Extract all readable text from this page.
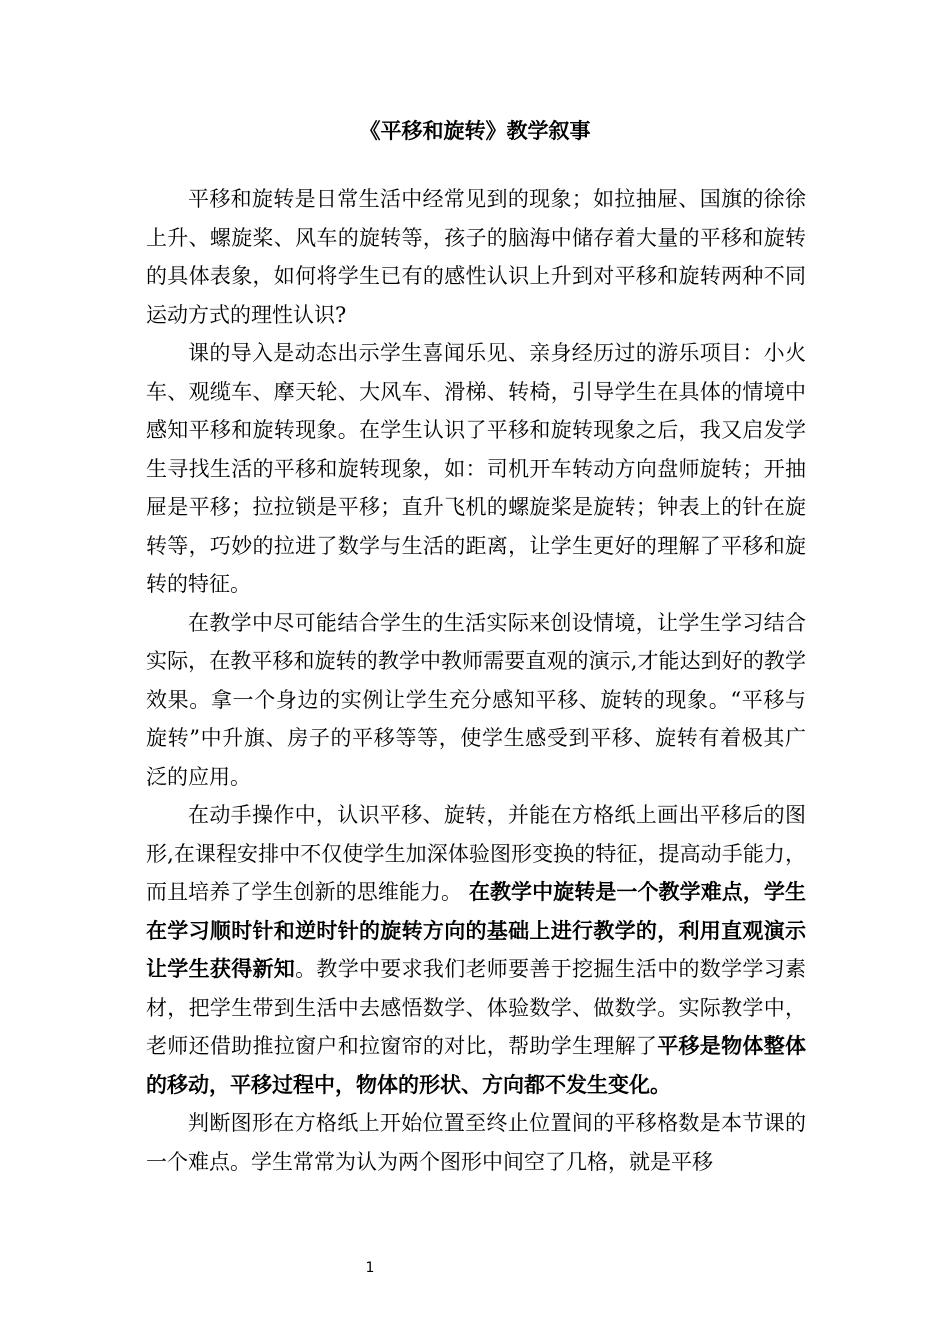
《平移和旋转》教学叙事

平移和旋转是日常生活中经常见到的现象；如拉抽屉、国旗的徐徐上升、螺旋桨、风车的旋转等，孩子的脑海中储存着大量的平移和旋转的具体表象，如何将学生已有的感性认识上升到对平移和旋转两种不同运动方式的理性认识?

课的导入是动态出示学生喜闻乐见、亲身经历过的游乐项目：小火车、观缆车、摩天轮、大风车、滑梯、转椅，引导学生在具体的情境中感知平移和旋转现象。在学生认识了平移和旋转现象之后，我又启发学生寻找生活的平移和旋转现象，如：司机开车转动方向盘师旋转；开抽屉是平移；拉拉锁是平移；直升飞机的螺旋桨是旋转；钟表上的针在旋转等，巧妙的拉进了数学与生活的距离，让学生更好的理解了平移和旋转的特征。

在教学中尽可能结合学生的生活实际来创设情境，让学生学习结合实际，在教平移和旋转的教学中教师需要直观的演示,才能达到好的教学效果。拿一个身边的实例让学生充分感知平移、旋转的现象。“平移与旋转”中升旗、房子的平移等等，使学生感受到平移、旋转有着极其广泛的应用。

在动手操作中，认识平移、旋转，并能在方格纸上画出平移后的图形,在课程安排中不仅使学生加深体验图形变换的特征，提高动手能力，而且培养了学生创新的思维能力。 在教学中旋转是一个教学难点，学生在学习顺时针和逆时针的旋转方向的基础上进行教学的，利用直观演示让学生获得新知。教学中要求我们老师要善于挖掘生活中的数学学习素材，把学生带到生活中去感悟数学、体验数学、做数学。实际教学中，老师还借助推拉窗户和拉窗帘的对比，帮助学生理解了平移是物体整体的移动，平移过程中，物体的形状、方向都不发生变化。

判断图形在方格纸上开始位置至终止位置间的平移格数是本节课的一个难点。学生常常为认为两个图形中间空了几格，就是平移

1
